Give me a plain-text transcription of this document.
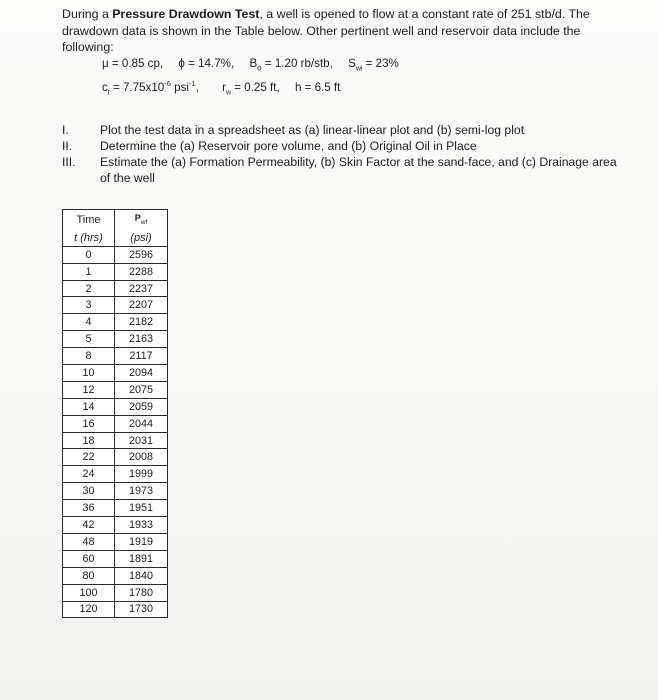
During a Pressure Drawdown Test, a well is opened to flow at a constant rate of 251 stb/d. The drawdown data is shown in the Table below. Other pertinent well and reservoir data include the following:
μ = 0.85 cp, ϕ = 14.7%, $B_o = 1.20$ rb/stb, $S_{wi} = 23\%$
$c_t = 7.75x10^{-6}$ psi$^{-1}$, $r_w = 0.25$ ft, h = 6.5 ft
I.	Plot the test data in a spreadsheet as (a) linear-linear plot and (b) semi-log plot
II.	Determine the (a) Reservoir pore volume, and (b) Original Oil in Place
III.	Estimate the (a) Formation Permeability, (b) Skin Factor at the sand-face, and (c) Drainage area of the well
Time	$P_{wf}$
t (hrs)	(psi)
0	2596
1	2288
2	2237
3	2207
4	2182
5	2163
8	2117
10	2094
12	2075
14	2059
16	2044
18	2031
22	2008
24	1999
30	1973
36	1951
42	1933
48	1919
60	1891
80	1840
100	1780
120	1730
